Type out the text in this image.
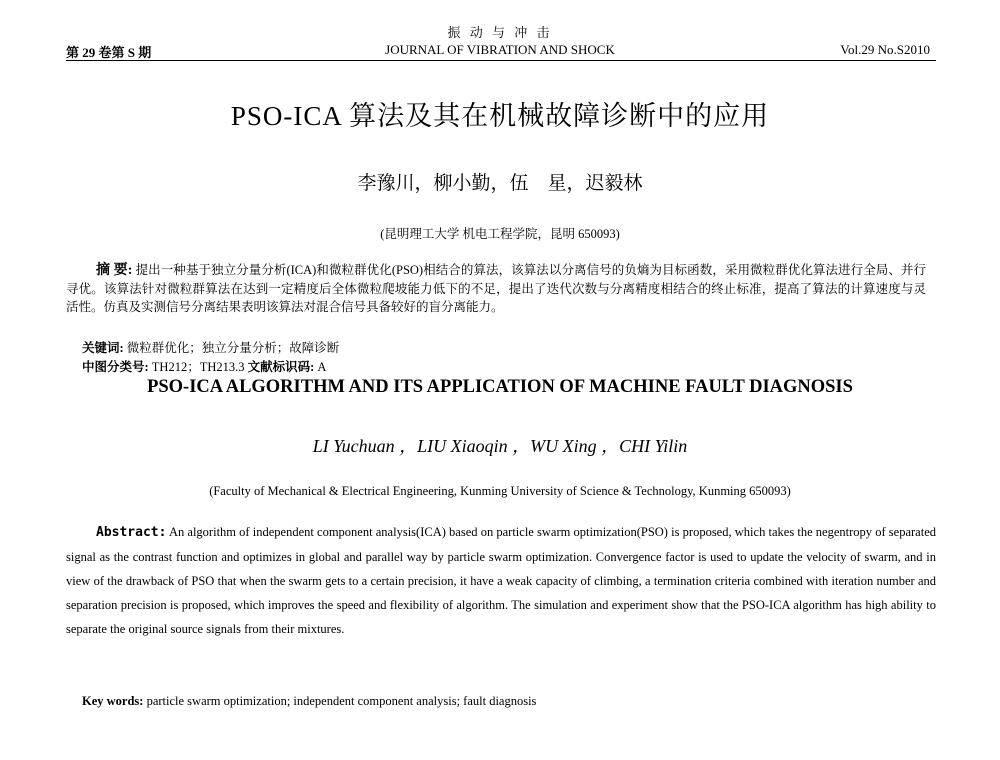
振 动 与 冲 击
第 29 卷第 S 期	JOURNAL OF VIBRATION AND SHOCK	Vol.29 No.S2010
PSO-ICA 算法及其在机械故障诊断中的应用
李豫川，柳小勤，伍　星，迟毅林
(昆明理工大学 机电工程学院，昆明 650093)
摘 要: 提出一种基于独立分量分析(ICA)和微粒群优化(PSO)相结合的算法，该算法以分离信号的负熵为目标函数，采用微粒群优化算法进行全局、并行寻优。该算法针对微粒群算法在达到一定精度后全体微粒爬坡能力低下的不足，提出了迭代次数与分离精度相结合的终止标准，提高了算法的计算速度与灵活性。仿真及实测信号分离结果表明该算法对混合信号具备较好的盲分离能力。
关键词: 微粒群优化；独立分量分析；故障诊断
中图分类号: TH212；TH213.3 文献标识码: A
PSO-ICA ALGORITHM AND ITS APPLICATION OF MACHINE FAULT DIAGNOSIS
LI Yuchuan ，LIU Xiaoqin ，WU Xing ，CHI Yilin
(Faculty of Mechanical & Electrical Engineering, Kunming University of Science & Technology, Kunming 650093)
Abstract: An algorithm of independent component analysis(ICA) based on particle swarm optimization(PSO) is proposed, which takes the negentropy of separated signal as the contrast function and optimizes in global and parallel way by particle swarm optimization. Convergence factor is used to update the velocity of swarm, and in view of the drawback of PSO that when the swarm gets to a certain precision, it have a weak capacity of climbing, a termination criteria combined with iteration number and separation precision is proposed, which improves the speed and flexibility of algorithm. The simulation and experiment show that the PSO-ICA algorithm has high ability to separate the original source signals from their mixtures.
Key words: particle swarm optimization; independent component analysis; fault diagnosis
